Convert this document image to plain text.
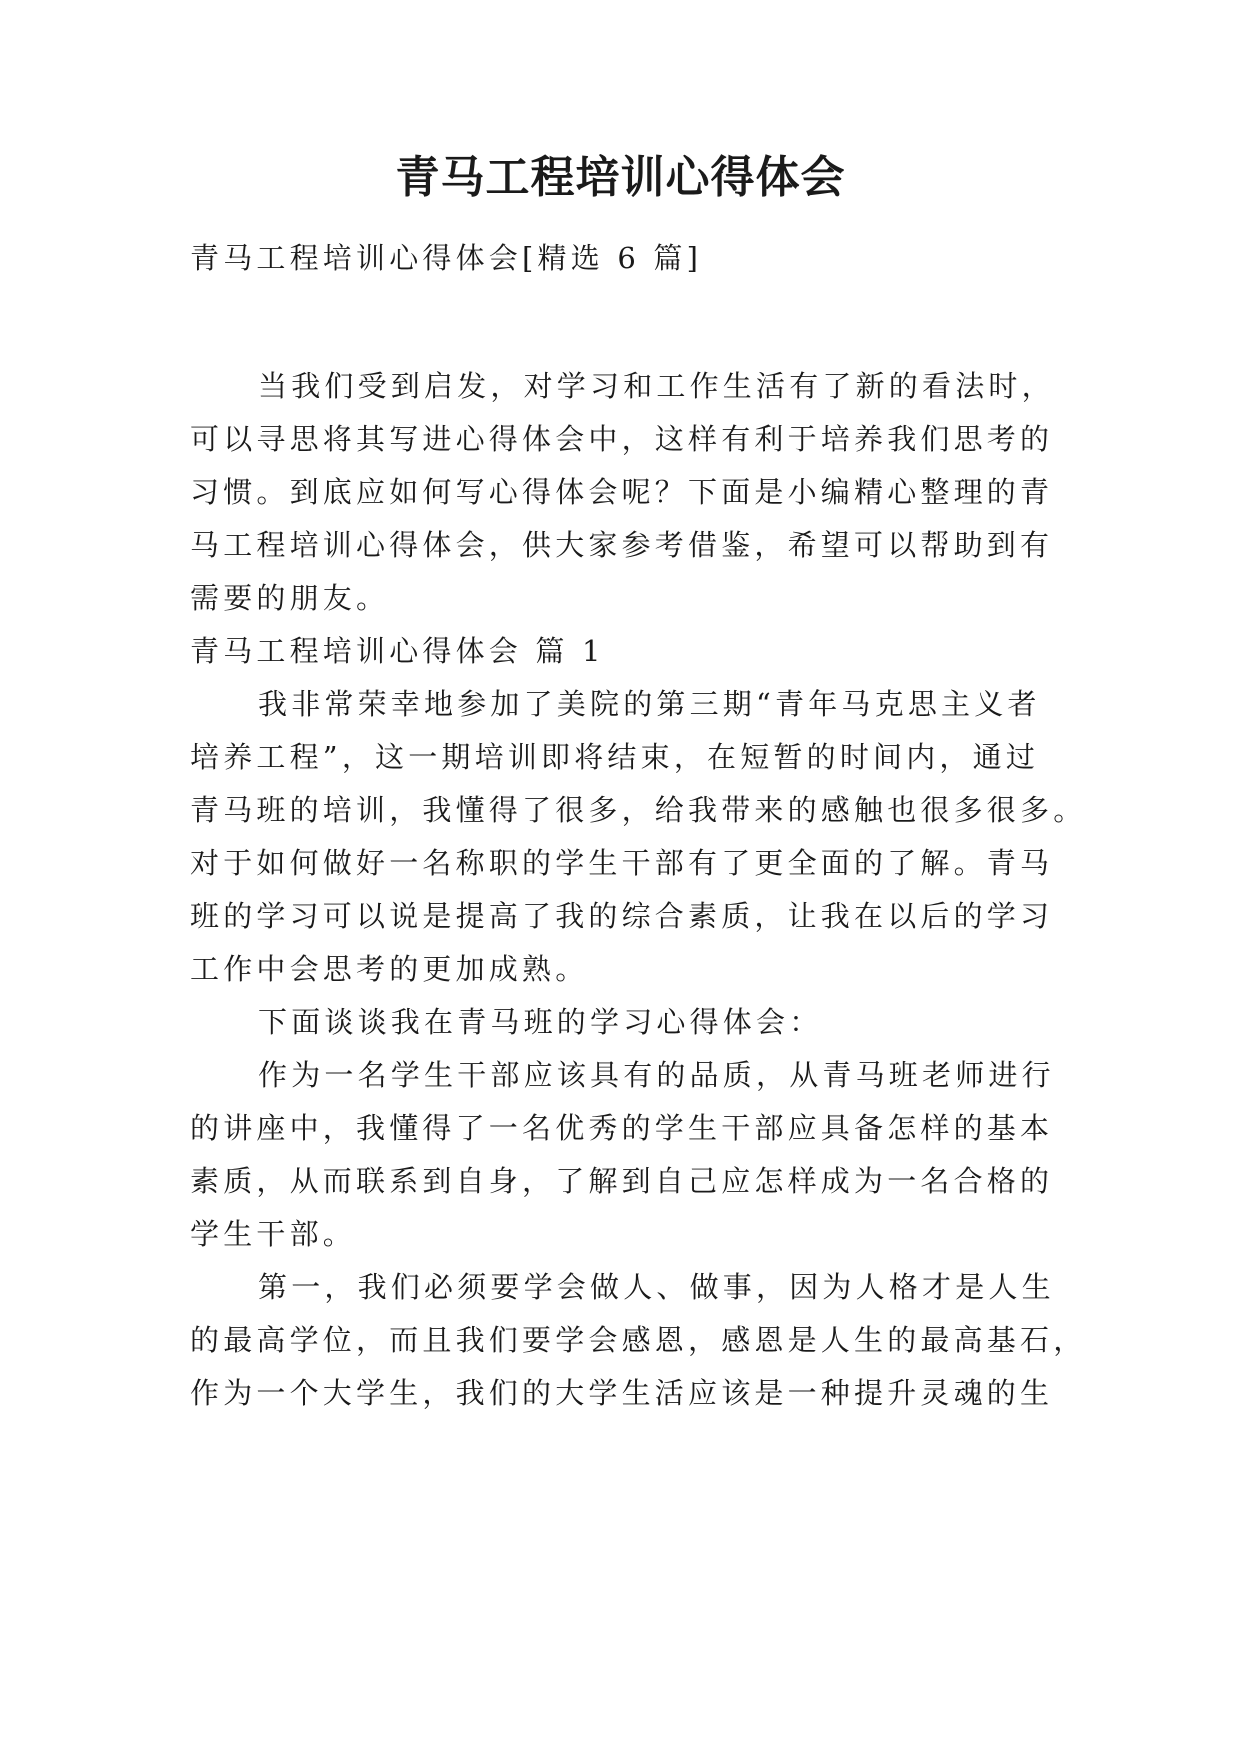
青马工程培训心得体会
青马工程培训心得体会[精选 6 篇]
当我们受到启发，对学习和工作生活有了新的看法时，
可以寻思将其写进心得体会中，这样有利于培养我们思考的
习惯。到底应如何写心得体会呢？下面是小编精心整理的青
马工程培训心得体会，供大家参考借鉴，希望可以帮助到有
需要的朋友。
青马工程培训心得体会 篇 1
我非常荣幸地参加了美院的第三期“青年马克思主义者
培养工程”，这一期培训即将结束，在短暂的时间内，通过
青马班的培训，我懂得了很多，给我带来的感触也很多很多。
对于如何做好一名称职的学生干部有了更全面的了解。青马
班的学习可以说是提高了我的综合素质，让我在以后的学习
工作中会思考的更加成熟。
下面谈谈我在青马班的学习心得体会：
作为一名学生干部应该具有的品质，从青马班老师进行
的讲座中，我懂得了一名优秀的学生干部应具备怎样的基本
素质，从而联系到自身，了解到自己应怎样成为一名合格的
学生干部。
第一，我们必须要学会做人、做事，因为人格才是人生
的最高学位，而且我们要学会感恩，感恩是人生的最高基石，
作为一个大学生，我们的大学生活应该是一种提升灵魂的生
